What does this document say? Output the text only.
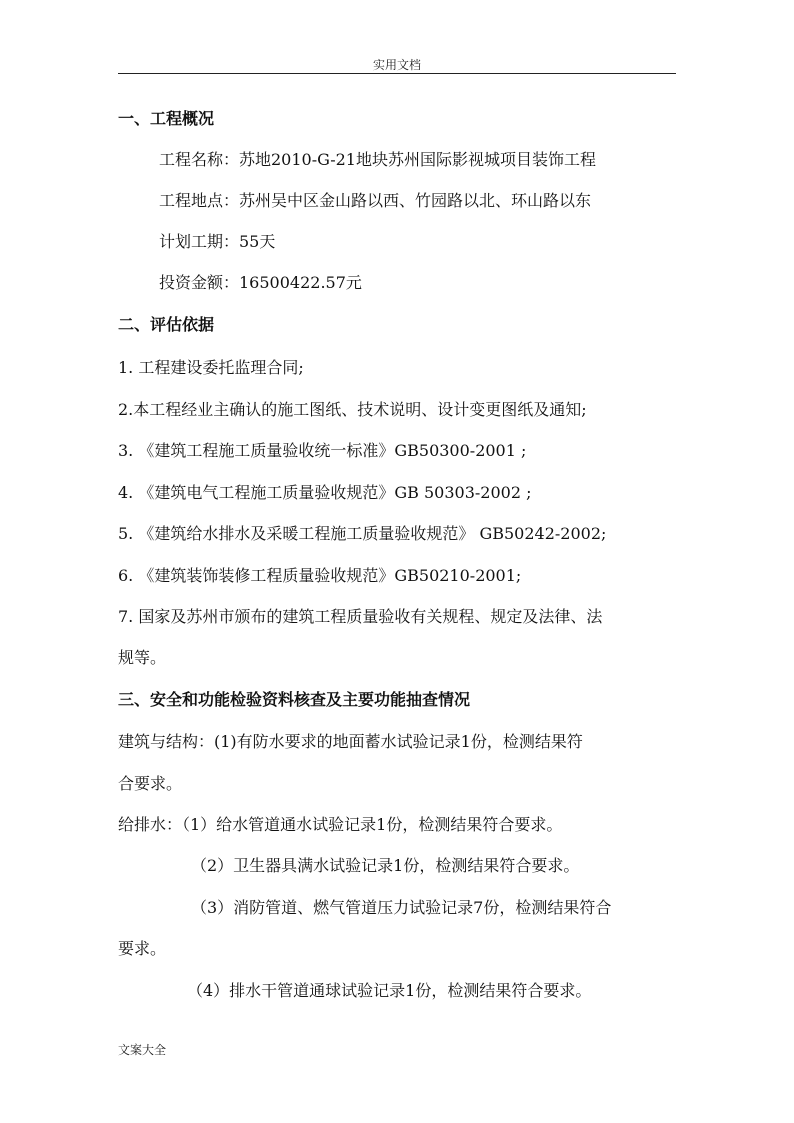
实用文档
一、工程概况
工程名称：苏地2010-G-21地块苏州国际影视城项目装饰工程
工程地点：苏州吴中区金山路以西、竹园路以北、环山路以东
计划工期：55天
投资金额：16500422.57元
二、评估依据
1. 工程建设委托监理合同;
2.本工程经业主确认的施工图纸、技术说明、设计变更图纸及通知;
3. 《建筑工程施工质量验收统一标准》GB50300-2001 ;
4. 《建筑电气工程施工质量验收规范》GB 50303-2002 ;
5. 《建筑给水排水及采暖工程施工质量验收规范》 GB50242-2002;
6. 《建筑装饰装修工程质量验收规范》GB50210-2001;
7. 国家及苏州市颁布的建筑工程质量验收有关规程、规定及法律、法
规等。
三、安全和功能检验资料核查及主要功能抽查情况
建筑与结构：(1)有防水要求的地面蓄水试验记录1份，检测结果符
合要求。
给排水：（1）给水管道通水试验记录1份，检测结果符合要求。
（2）卫生器具满水试验记录1份，检测结果符合要求。
（3）消防管道、燃气管道压力试验记录7份，检测结果符合
要求。
（4）排水干管道通球试验记录1份，检测结果符合要求。
文案大全
